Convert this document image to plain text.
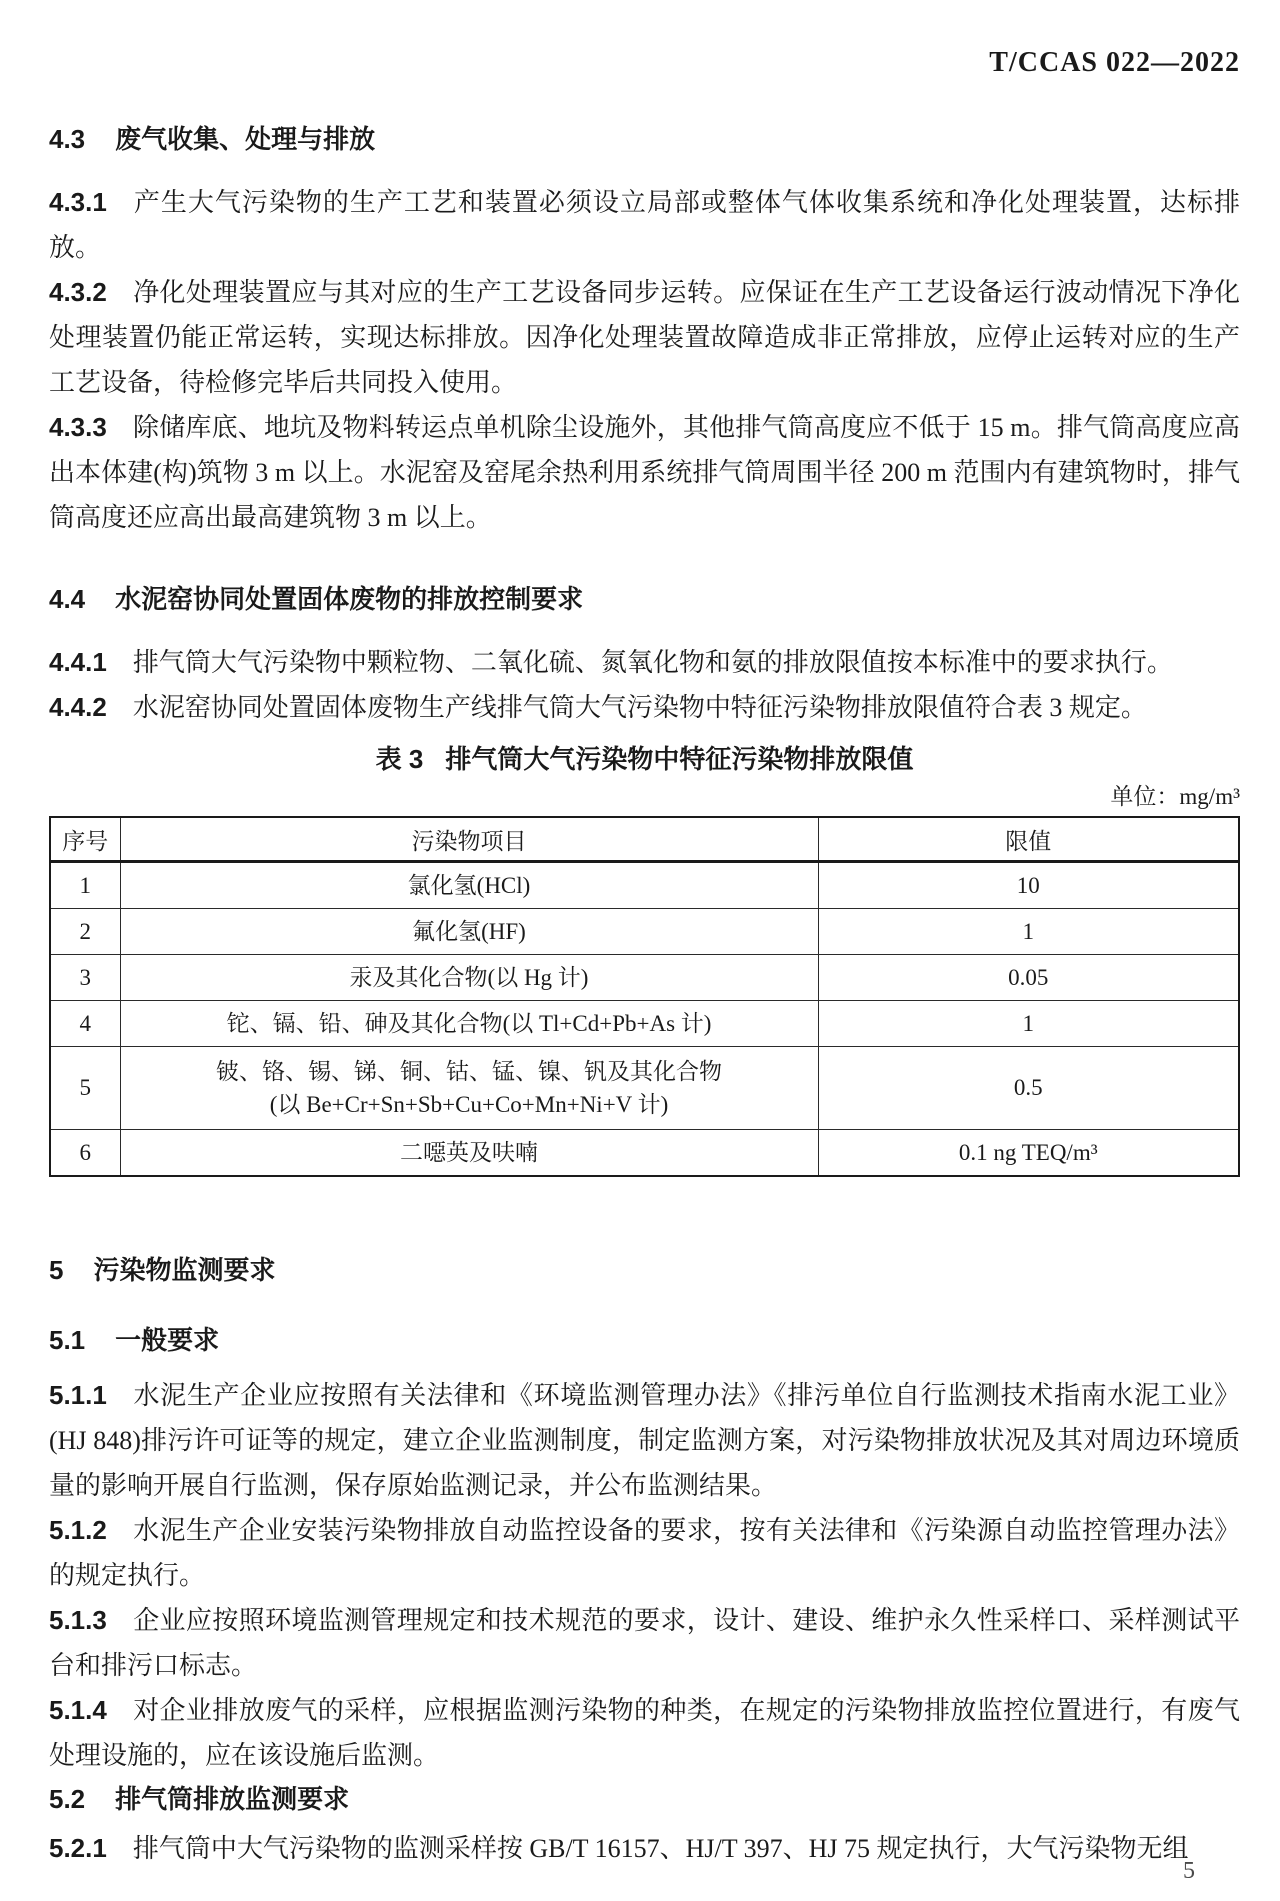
T/CCAS 022—2022
4.3 废气收集、处理与排放

4.3.1 产生大气污染物的生产工艺和装置必须设立局部或整体气体收集系统和净化处理装置，达标排放。

4.3.2 净化处理装置应与其对应的生产工艺设备同步运转。应保证在生产工艺设备运行波动情况下净化处理装置仍能正常运转，实现达标排放。因净化处理装置故障造成非正常排放，应停止运转对应的生产工艺设备，待检修完毕后共同投入使用。

4.3.3 除储库底、地坑及物料转运点单机除尘设施外，其他排气筒高度应不低于 15 m。排气筒高度应高出本体建(构)筑物 3 m 以上。水泥窑及窑尾余热利用系统排气筒周围半径 200 m 范围内有建筑物时，排气筒高度还应高出最高建筑物 3 m 以上。

4.4 水泥窑协同处置固体废物的排放控制要求

4.4.1 排气筒大气污染物中颗粒物、二氧化硫、氮氧化物和氨的排放限值按本标准中的要求执行。

4.4.2 水泥窑协同处置固体废物生产线排气筒大气污染物中特征污染物排放限值符合表 3 规定。

表 3 排气筒大气污染物中特征污染物排放限值
单位：mg/m³
序号	污染物项目	限值
1	氯化氢(HCl)	10
2	氟化氢(HF)	1
3	汞及其化合物(以 Hg 计)	0.05
4	铊、镉、铅、砷及其化合物(以 Tl+Cd+Pb+As 计)	1
5	铍、铬、锡、锑、铜、钴、锰、镍、钒及其化合物
(以 Be+Cr+Sn+Sb+Cu+Co+Mn+Ni+V 计)	0.5
6	二噁英及呋喃	0.1 ng TEQ/m³
5 污染物监测要求
5.1 一般要求

5.1.1 水泥生产企业应按照有关法律和《环境监测管理办法》《排污单位自行监测技术指南水泥工业》(HJ 848)排污许可证等的规定，建立企业监测制度，制定监测方案，对污染物排放状况及其对周边环境质量的影响开展自行监测，保存原始监测记录，并公布监测结果。

5.1.2 水泥生产企业安装污染物排放自动监控设备的要求，按有关法律和《污染源自动监控管理办法》的规定执行。

5.1.3 企业应按照环境监测管理规定和技术规范的要求，设计、建设、维护永久性采样口、采样测试平台和排污口标志。

5.1.4 对企业排放废气的采样，应根据监测污染物的种类，在规定的污染物排放监控位置进行，有废气处理设施的，应在该设施后监测。

5.2 排气筒排放监测要求

5.2.1 排气筒中大气污染物的监测采样按 GB/T 16157、HJ/T 397、HJ 75 规定执行，大气污染物无组

5
